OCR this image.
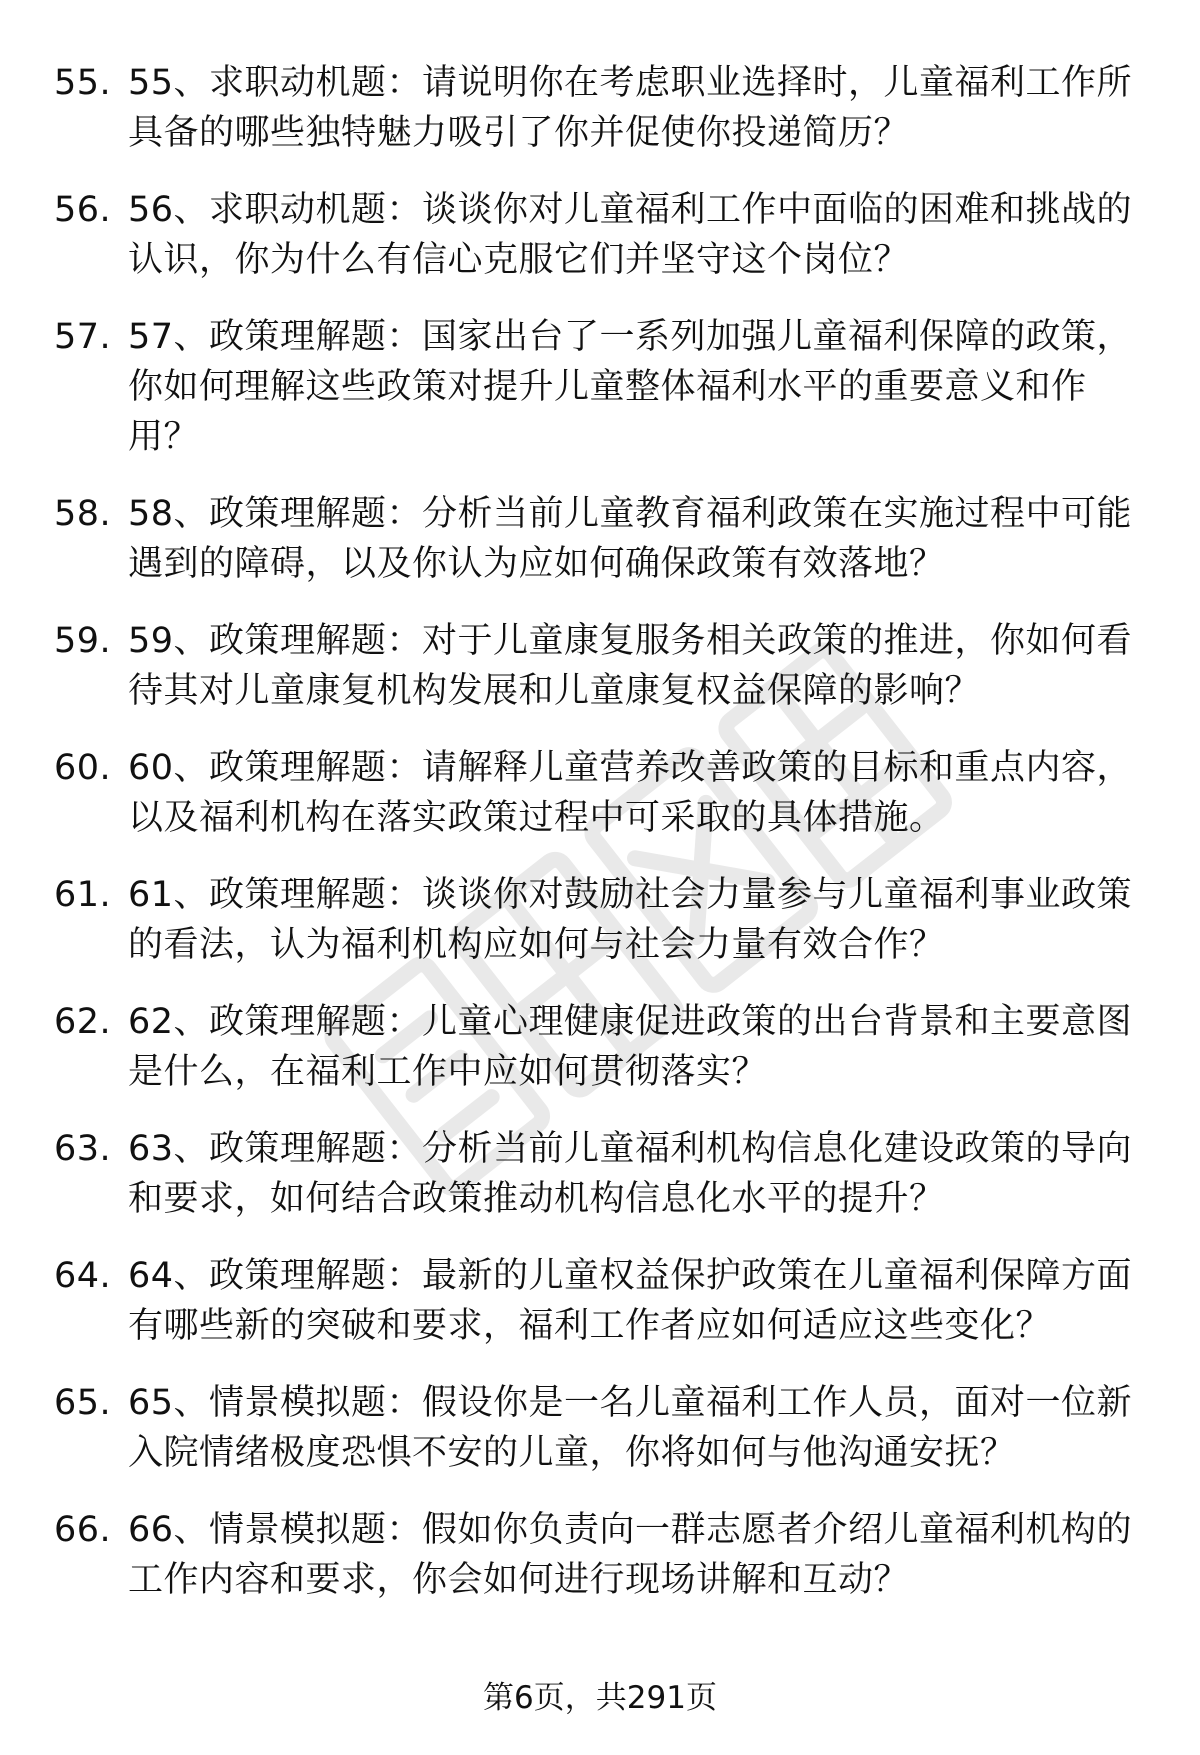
55. 55、求职动机题：请说明你在考虑职业选择时，儿童福利工作所具备的哪些独特魅力吸引了你并促使你投递简历？
56. 56、求职动机题：谈谈你对儿童福利工作中面临的困难和挑战的认识，你为什么有信心克服它们并坚守这个岗位？
57. 57、政策理解题：国家出台了一系列加强儿童福利保障的政策，你如何理解这些政策对提升儿童整体福利水平的重要意义和作用？
58. 58、政策理解题：分析当前儿童教育福利政策在实施过程中可能遇到的障碍，以及你认为应如何确保政策有效落地？
59. 59、政策理解题：对于儿童康复服务相关政策的推进，你如何看待其对儿童康复机构发展和儿童康复权益保障的影响？
60. 60、政策理解题：请解释儿童营养改善政策的目标和重点内容，以及福利机构在落实政策过程中可采取的具体措施。
61. 61、政策理解题：谈谈你对鼓励社会力量参与儿童福利事业政策的看法，认为福利机构应如何与社会力量有效合作？
62. 62、政策理解题：儿童心理健康促进政策的出台背景和主要意图是什么，在福利工作中应如何贯彻落实？
63. 63、政策理解题：分析当前儿童福利机构信息化建设政策的导向和要求，如何结合政策推动机构信息化水平的提升？
64. 64、政策理解题：最新的儿童权益保护政策在儿童福利保障方面有哪些新的突破和要求，福利工作者应如何适应这些变化？
65. 65、情景模拟题：假设你是一名儿童福利工作人员，面对一位新入院情绪极度恐惧不安的儿童，你将如何与他沟通安抚？
66. 66、情景模拟题：假如你负责向一群志愿者介绍儿童福利机构的工作内容和要求，你会如何进行现场讲解和互动？
第6页，共291页
